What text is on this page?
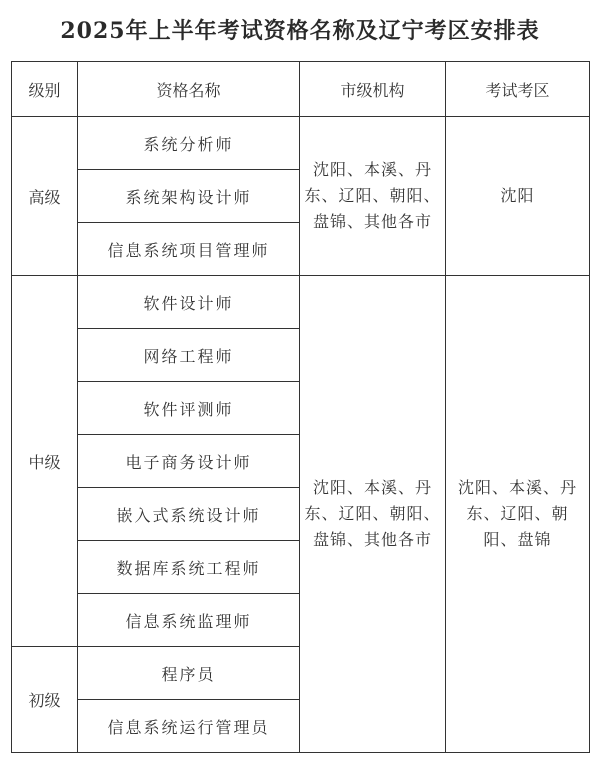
2025年上半年考试资格名称及辽宁考区安排表
级别	资格名称	市级机构	考试考区
高级	系统分析师	沈阳、本溪、丹东、辽阳、朝阳、盘锦、其他各市	沈阳
	系统架构设计师		
	信息系统项目管理师		
中级	软件设计师	沈阳、本溪、丹东、辽阳、朝阳、盘锦、其他各市	沈阳、本溪、丹东、辽阳、朝阳、盘锦
	网络工程师		
	软件评测师		
	电子商务设计师		
	嵌入式系统设计师		
	数据库系统工程师		
	信息系统监理师		
初级	程序员		
	信息系统运行管理员		
